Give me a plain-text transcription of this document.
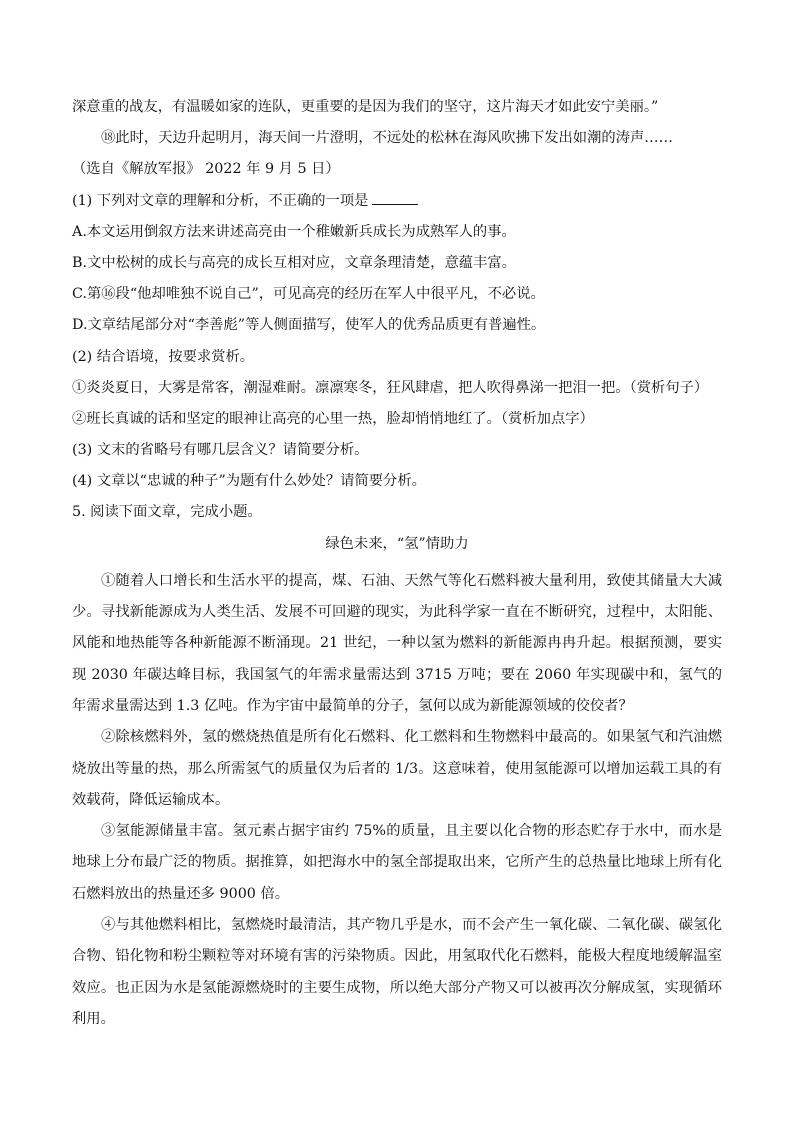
深意重的战友，有温暖如家的连队，更重要的是因为我们的坚守，这片海天才如此安宁美丽。”
⑱此时，天边升起明月，海天间一片澄明，不远处的松林在海风吹拂下发出如潮的涛声……
（选自《解放军报》 2022 年 9 月 5 日）
(1) 下列对文章的理解和分析，不正确的一项是
A.本文运用倒叙方法来讲述高亮由一个稚嫩新兵成长为成熟军人的事。
B.文中松树的成长与高亮的成长互相对应，文章条理清楚，意蕴丰富。
C.第⑯段“他却唯独不说自己”，可见高亮的经历在军人中很平凡，不必说。
D.文章结尾部分对“李善彪”等人侧面描写，使军人的优秀品质更有普遍性。
(2) 结合语境，按要求赏析。
①炎炎夏日，大雾是常客，潮湿难耐。凛凛寒冬，狂风肆虐，把人吹得鼻涕一把泪一把。（赏析句子）
②班长真诚的话和坚定的眼神让高亮的心里一热，脸却悄悄地红了。（赏析加点字）
(3) 文末的省略号有哪几层含义？请简要分析。
(4) 文章以“忠诚的种子”为题有什么妙处？请简要分析。
5. 阅读下面文章，完成小题。
绿色未来，“氢”情助力

①随着人口增长和生活水平的提高，煤、石油、天然气等化石燃料被大量利用，致使其储量大大减少。寻找新能源成为人类生活、发展不可回避的现实，为此科学家一直在不断研究，过程中，太阳能、风能和地热能等各种新能源不断涌现。21 世纪，一种以氢为燃料的新能源冉冉升起。根据预测，要实现 2030 年碳达峰目标，我国氢气的年需求量需达到 3715 万吨；要在 2060 年实现碳中和，氢气的年需求量需达到 1.3 亿吨。作为宇宙中最简单的分子，氢何以成为新能源领域的佼佼者？

②除核燃料外，氢的燃烧热值是所有化石燃料、化工燃料和生物燃料中最高的。如果氢气和汽油燃烧放出等量的热，那么所需氢气的质量仅为后者的 1/3。这意味着，使用氢能源可以增加运载工具的有效载荷，降低运输成本。

③氢能源储量丰富。氢元素占据宇宙约 75%的质量，且主要以化合物的形态贮存于水中，而水是地球上分布最广泛的物质。据推算，如把海水中的氢全部提取出来，它所产生的总热量比地球上所有化石燃料放出的热量还多 9000 倍。

④与其他燃料相比，氢燃烧时最清洁，其产物几乎是水，而不会产生一氧化碳、二氧化碳、碳氢化合物、铅化物和粉尘颗粒等对环境有害的污染物质。因此，用氢取代化石燃料，能极大程度地缓解温室效应。也正因为水是氢能源燃烧时的主要生成物，所以绝大部分产物又可以被再次分解成氢，实现循环利用。
